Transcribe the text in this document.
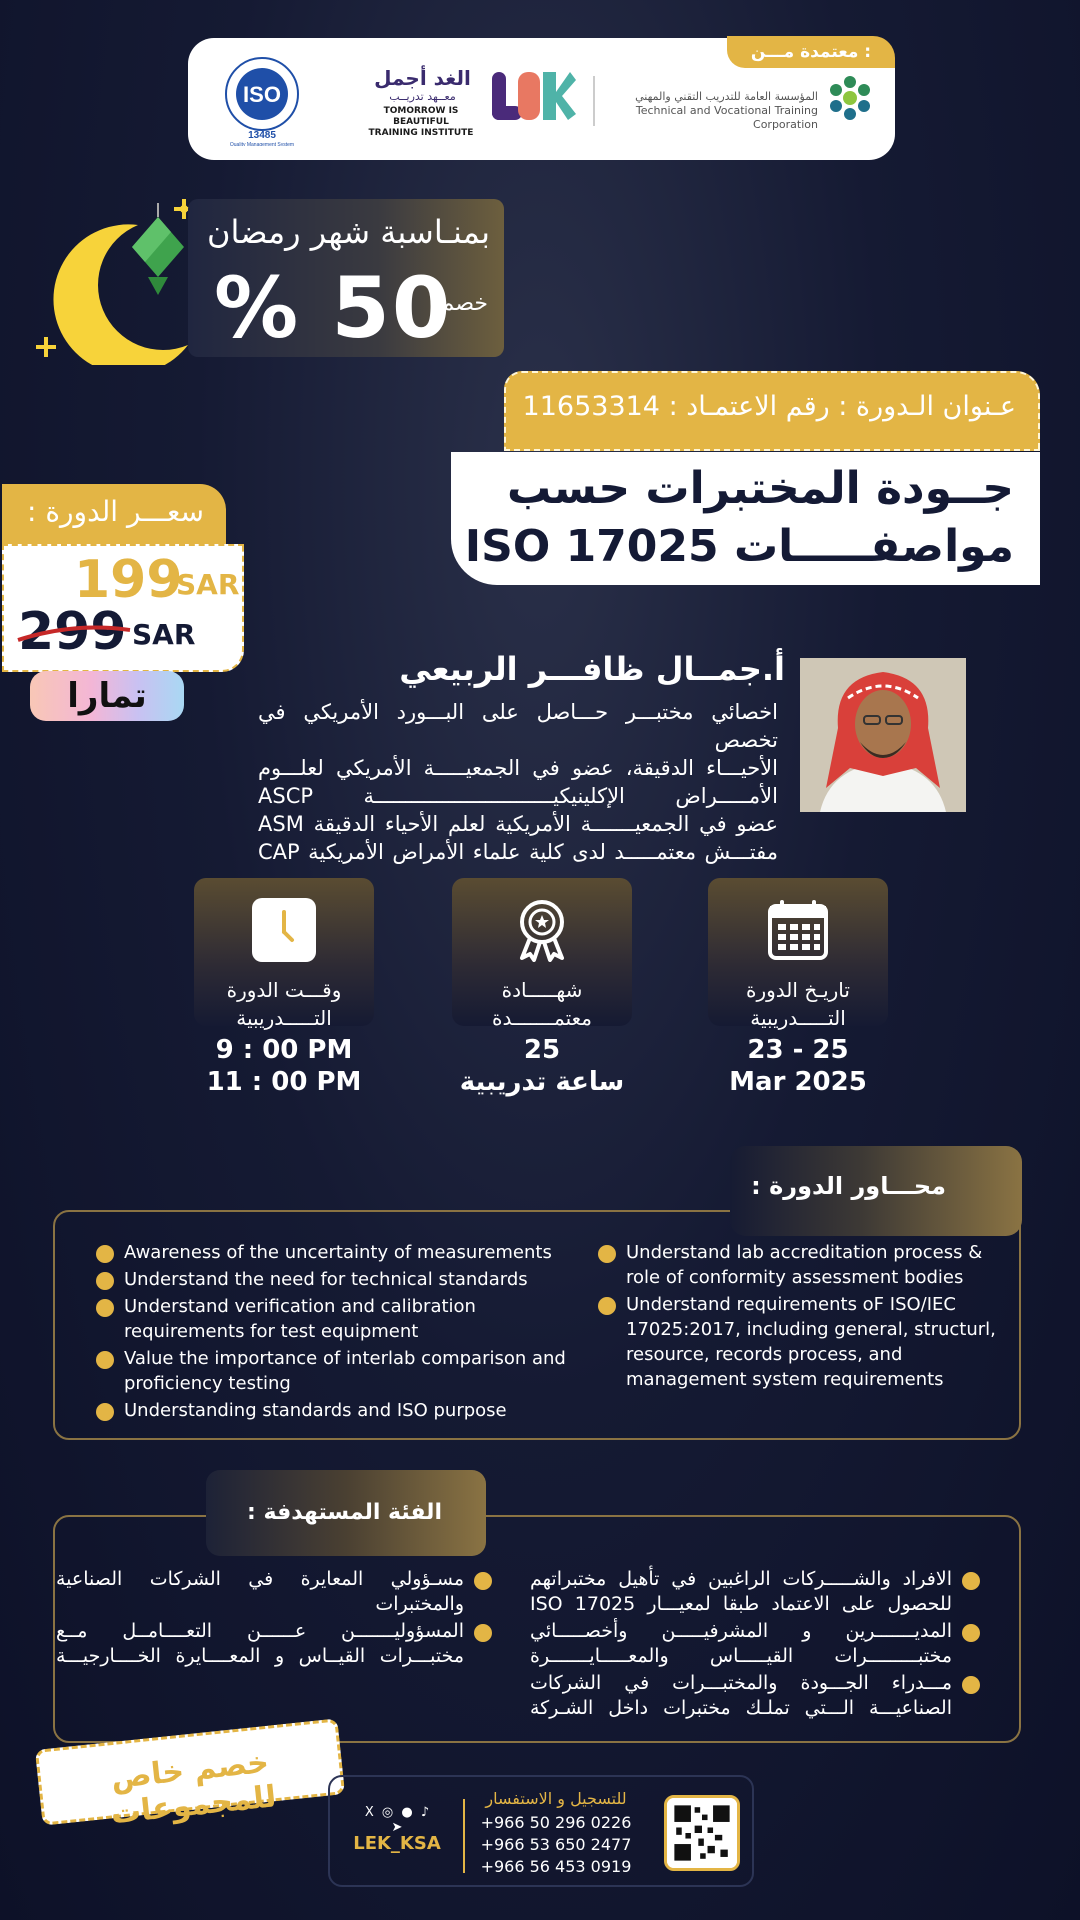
معتمدة مـــن :
المؤسسة العامة للتدريب التقني والمهني
Technical and Vocational Training Corporation
الغد أجمل
معــهد تدريــب
TOMORROW IS BEAUTIFUL
TRAINING INSTITUTE
ISO
13485
Quality Management System
بمنـاسبة شهر رمضان
% 50
خصم
عـنوان الـدورة : رقم الاعتمـاد : 11653314
جــودة المختبرات حسب
مواصفـــــات ISO 17025
سعـــر الدورة :
199
SAR
299 SAR
تمارا
أ.جمــال ظافـــر الربيعي
اخصائي مختبـــر حـــاصل على البـــورد الأمريكي في تخصص
الأحيـــاء الدقيقة، عضو في الجمعيـــــة الأمريكي لعلـــوم
الأمـــــراض الإكلينيكيـــــــــــــــــــــــــــــة ASCP
عضو في الجمعيـــــــة الأمريكية لعلم الأحياء الدقيقة ASM
مفتـــش معتمـــــد لدى كلية علماء الأمراض الأمريكية CAP
تاريـخ الدورة
التـــــدريبية
23 - 25
Mar 2025
شهـــــادة
معتمـــــــدة
25
ساعة تدريبية
وقـــت الدورة
التـــــدريبية
9 : 00 PM
11 : 00 PM
محـــاور الدورة :
Awareness of the uncertainty of measurements
Understand the need for technical standards
Understand verification and calibration requirements for test equipment
Value the importance of interlab comparison and proficiency testing
Understanding standards and ISO purpose
Understand lab accreditation process & role of conformity assessment bodies
Understand requirements oF ISO/IEC 17025:2017, including general, structurl, resource, records process, and management system requirements
الفئة المستهدفة :
الافراد والشـــــركات الراغبين في تأهيل مختبراتهم للحصول على الاعتماد طبقا لمعيـــار ISO 17025
المديـــــــرين و المشرفيـــــن وأخصـــــائي مختبـــــــــرات القيـــــاس والمعـــــايـــــــرة
مـــدراء الجـــودة والمختبـــرات في الشركات الصناعيـــة الـــتي تملـك مختبرات داخل الشـركة
مسـؤولي المعايرة في الشركات الصناعية والمختبرات
المسؤوليـــــــن عــــــن التعــــامــل مــع مختبـــرات القيــاس و المعــــايرة الخــــارجيـــة
خصم خاص للمجموعات	للتسجيل و الاستفسار
+966 50 296 0226
+966 53 650 2477
+966 56 453 0919
X ◎ ● ♪ ➤
LEK_KSA
